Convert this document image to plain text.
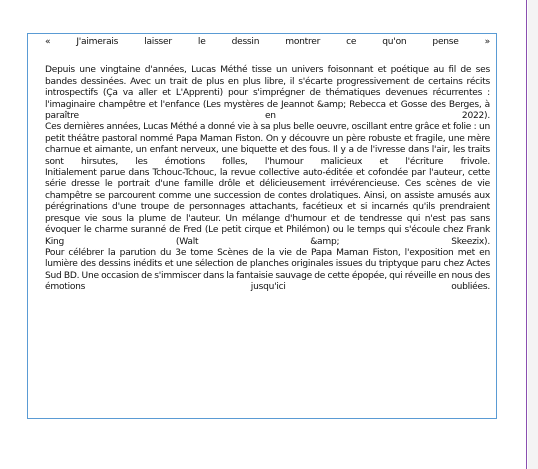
« J'aimerais laisser le dessin montrer ce qu'on pense »

Depuis une vingtaine d'années, Lucas Méthé tisse un univers foisonnant et poétique au fil de ses bandes dessinées. Avec un trait de plus en plus libre, il s'écarte progressivement de certains récits introspectifs (Ça va aller et L'Apprenti) pour s'imprégner de thématiques devenues récurrentes : l'imaginaire champêtre et l'enfance (Les mystères de Jeannot &amp; Rebecca et Gosse des Berges, à paraître en 2022).

Ces dernières années, Lucas Méthé a donné vie à sa plus belle oeuvre, oscillant entre grâce et folie : un petit théâtre pastoral nommé Papa Maman Fiston. On y découvre un père robuste et fragile, une mère charnue et aimante, un enfant nerveux, une biquette et des fous. Il y a de l'ivresse dans l'air, les traits sont hirsutes, les émotions folles, l'humour malicieux et l'écriture frivole.

Initialement parue dans Tchouc-Tchouc, la revue collective auto-éditée et cofondée par l'auteur, cette série dresse le portrait d'une famille drôle et délicieusement irrévérencieuse. Ces scènes de vie champêtre se parcourent comme une succession de contes drolatiques. Ainsi, on assiste amusés aux pérégrinations d'une troupe de personnages attachants, facétieux et si incarnés qu'ils prendraient presque vie sous la plume de l'auteur. Un mélange d'humour et de tendresse qui n'est pas sans évoquer le charme suranné de Fred (Le petit cirque et Philémon) ou le temps qui s'écoule chez Frank King (Walt &amp; Skeezix).

Pour célébrer la parution du 3e tome Scènes de la vie de Papa Maman Fiston, l'exposition met en lumière des dessins inédits et une sélection de planches originales issues du triptyque paru chez Actes Sud BD. Une occasion de s'immiscer dans la fantaisie sauvage de cette épopée, qui réveille en nous des émotions jusqu'ici oubliées.
